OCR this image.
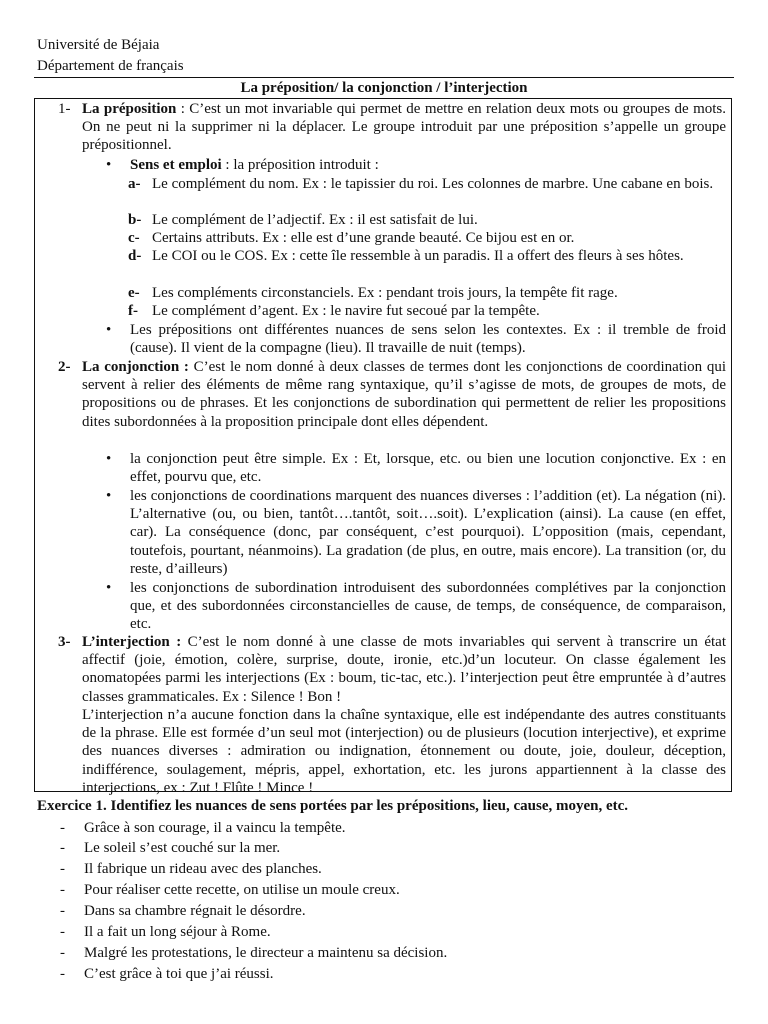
Université de Béjaia
Département de français
La préposition/ la conjonction / l’interjection
1- La préposition : C’est un mot invariable qui permet de mettre en relation deux mots ou groupes de mots. On ne peut ni la supprimer ni la déplacer. Le groupe introduit par une préposition s’appelle un groupe prépositionnel.
• Sens et emploi : la préposition introduit :
a- Le complément du nom. Ex : le tapissier du roi. Les colonnes de marbre. Une cabane en bois.
b- Le complément de l’adjectif. Ex : il est satisfait de lui.
c- Certains attributs. Ex : elle est d’une grande beauté. Ce bijou est en or.
d- Le COI ou le COS. Ex : cette île ressemble à un paradis. Il a offert des fleurs à ses hôtes.
e- Les compléments circonstanciels. Ex : pendant trois jours, la tempête fit rage.
f- Le complément d’agent. Ex : le navire fut secoué par la tempête.
• Les prépositions ont différentes nuances de sens selon les contextes. Ex : il tremble de froid (cause). Il vient de la compagne (lieu). Il travaille de nuit (temps).
2- La conjonction : C’est le nom donné à deux classes de termes dont les conjonctions de coordination qui servent à relier des éléments de même rang syntaxique, qu’il s’agisse de mots, de groupes de mots, de propositions ou de phrases. Et les conjonctions de subordination qui permettent de relier les propositions dites subordonnées à la proposition principale dont elles dépendent.
• la conjonction peut être simple. Ex : Et, lorsque, etc. ou bien une locution conjonctive. Ex : en effet, pourvu que, etc.
• les conjonctions de coordinations marquent des nuances diverses : l’addition (et). La négation (ni). L’alternative (ou, ou bien, tantôt….tantôt, soit….soit). L’explication (ainsi). La cause (en effet, car). La conséquence (donc, par conséquent, c’est pourquoi). L’opposition (mais, cependant, toutefois, pourtant, néanmoins). La gradation (de plus, en outre, mais encore). La transition (or, du reste, d’ailleurs)
• les conjonctions de subordination introduisent des subordonnées complétives par la conjonction que, et des subordonnées circonstancielles de cause, de temps, de conséquence, de comparaison, etc.
3- L’interjection : C’est le nom donné à une classe de mots invariables qui servent à transcrire un état affectif (joie, émotion, colère, surprise, doute, ironie, etc.)d’un locuteur. On classe également les onomatopées parmi les interjections (Ex : boum, tic-tac, etc.). l’interjection peut être empruntée à d’autres classes grammaticales. Ex : Silence ! Bon !
L’interjection n’a aucune fonction dans la chaîne syntaxique, elle est indépendante des autres constituants de la phrase. Elle est formée d’un seul mot (interjection) ou de plusieurs (locution interjective), et exprime des nuances diverses : admiration ou indignation, étonnement ou doute, joie, douleur, déception, indifférence, soulagement, mépris, appel, exhortation, etc. les jurons appartiennent à la classe des interjections, ex : Zut ! Flûte ! Mince !
Exercice 1. Identifiez les nuances de sens portées par les prépositions, lieu, cause, moyen, etc.
- Grâce à son courage, il a vaincu la tempête.
- Le soleil s’est couché sur la mer.
- Il fabrique un rideau avec des planches.
- Pour réaliser cette recette, on utilise un moule creux.
- Dans sa chambre régnait le désordre.
- Il a fait un long séjour à Rome.
- Malgré les protestations, le directeur a maintenu sa décision.
- C’est grâce à toi que j’ai réussi.
